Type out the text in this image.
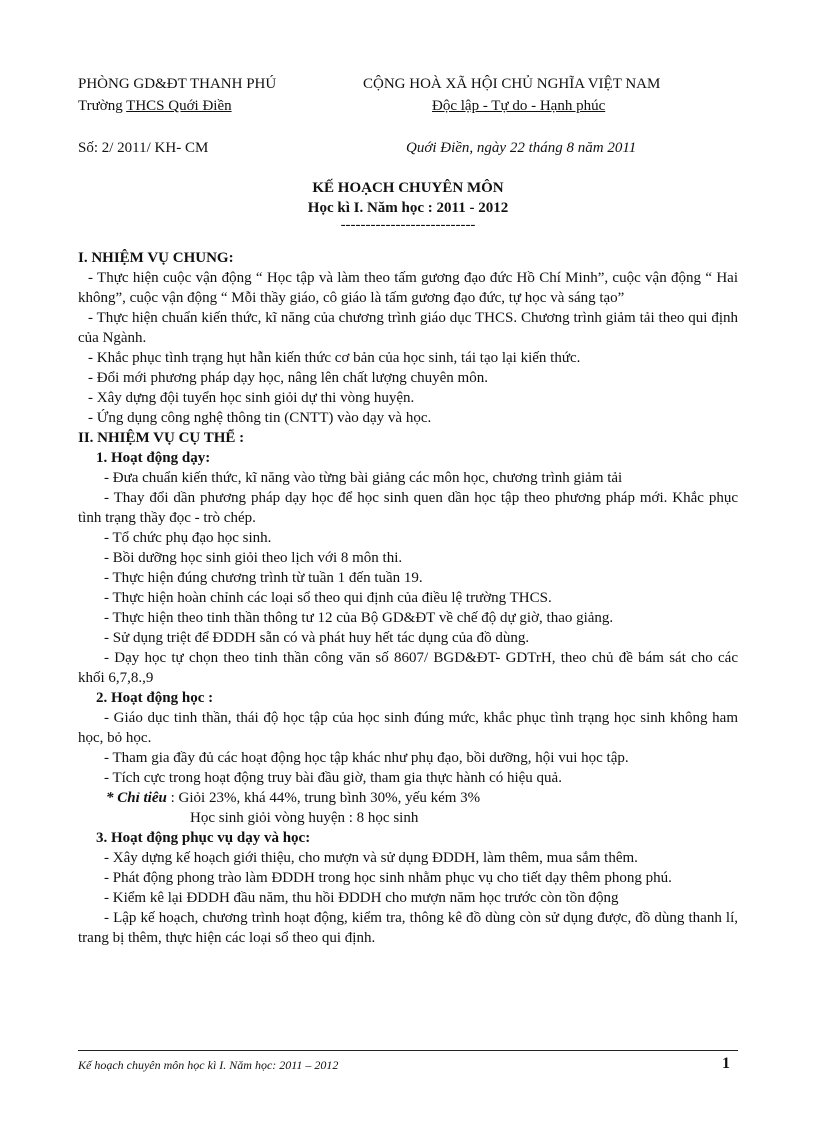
PHÒNG GD&ĐT THANH PHÚ	CỘNG HOÀ XÃ HỘI CHỦ NGHĨA VIỆT NAM
Trường THCS Quới Điền	Độc lập - Tự do - Hạnh phúc
Số: 2/ 2011/ KH- CM	Quới Điền, ngày 22 tháng 8 năm 2011
KẾ HOẠCH CHUYÊN MÔN
Học kì I. Năm học : 2011 - 2012
---------------------------
I. NHIỆM VỤ CHUNG:

- Thực hiện cuộc vận động “ Học tập và làm theo tấm gương đạo đức Hồ Chí Minh”, cuộc vận động “ Hai không”, cuộc vận động “ Mỗi thầy giáo, cô giáo là tấm gương đạo đức, tự học và sáng tạo”

- Thực hiện chuẩn kiến thức, kĩ năng của chương trình giáo dục THCS. Chương trình giảm tải theo qui định của Ngành.

- Khắc phục tình trạng hụt hẫn kiến thức cơ bản của học sinh, tái tạo lại kiến thức.

- Đổi mới phương pháp dạy học, nâng lên chất lượng chuyên môn.

- Xây dựng đội tuyển học sinh giỏi dự thi vòng huyện.

- Ứng dụng công nghệ thông tin (CNTT) vào dạy và học.

II. NHIỆM VỤ CỤ THỂ :
1. Hoạt động dạy:

- Đưa chuẩn kiến thức, kĩ năng vào từng bài giảng các môn học, chương trình giảm tải

- Thay đổi dần phương pháp dạy học để học sinh quen dần học tập theo phương pháp mới. Khắc phục tình trạng thầy đọc - trò chép.

- Tổ chức phụ đạo học sinh.

- Bồi dưỡng học sinh giỏi theo lịch với 8 môn thi.

- Thực hiện đúng chương trình từ tuần 1 đến tuần 19.

- Thực hiện hoàn chỉnh các loại sổ theo qui định của điều lệ trường THCS.

- Thực hiện theo tinh thần thông tư 12 của Bộ GD&ĐT về chế độ dự giờ, thao giảng.

- Sử dụng triệt để ĐDDH sẵn có và phát huy hết tác dụng của đồ dùng.

- Dạy học tự chọn theo tinh thần công văn số 8607/ BGD&ĐT- GDTrH, theo chủ đề bám sát cho các khối 6,7,8.,9

2. Hoạt động học :

- Giáo dục tinh thần, thái độ học tập của học sinh đúng mức, khắc phục tình trạng học sinh không ham học, bỏ học.

- Tham gia đầy đủ các hoạt động học tập khác như phụ đạo, bồi dưỡng, hội vui học tập.

- Tích cực trong hoạt động truy bài đầu giờ, tham gia thực hành có hiệu quả.

* Chỉ tiêu : Giỏi 23%, khá 44%, trung bình 30%, yếu kém 3%
Học sinh giỏi vòng huyện : 8 học sinh
3. Hoạt động phục vụ dạy và học:

- Xây dựng kế hoạch giới thiệu, cho mượn và sử dụng ĐDDH, làm thêm, mua sắm thêm.

- Phát động phong trào làm ĐDDH trong học sinh nhằm phục vụ cho tiết dạy thêm phong phú.

- Kiểm kê lại ĐDDH đầu năm, thu hồi ĐDDH cho mượn năm học trước còn tồn động

- Lập kế hoạch, chương trình hoạt động, kiểm tra, thông kê đồ dùng còn sử dụng được, đồ dùng thanh lí, trang bị thêm, thực hiện các loại sổ theo qui định.

Kế hoạch chuyên môn học kì I. Năm học: 2011 – 2012	1
